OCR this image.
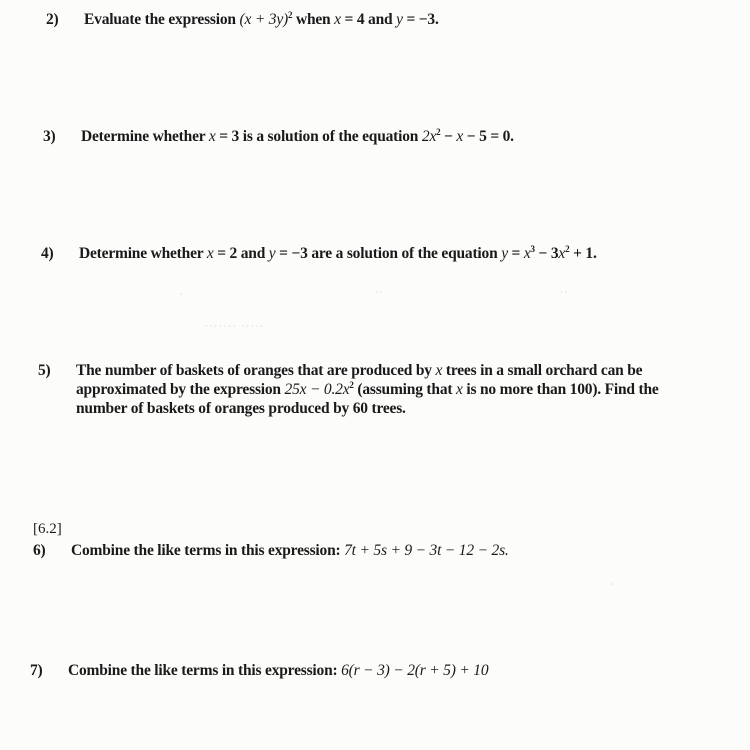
[6.2]
2) Evaluate the expression $(x + 3y)^2$ when x = 4 and y = −3.
3) Determine whether x = 3 is a solution of the equation $2x^2 - x - 5 = 0$.
4) Determine whether x = 2 and y = −3 are a solution of the equation $y = x^3 - 3x^2 + 1$.
5) The number of baskets of oranges that are produced by x trees in a small orchard can be
approximated by the expression $25x - 0.2x^2$ (assuming that x is no more than 100). Find the
number of baskets of oranges produced by 60 trees.
6) Combine the like terms in this expression: 7t + 5s + 9 − 3t − 12 − 2s.
7) Combine the like terms in this expression: 6(r − 3) − 2(r + 5) + 10
·	· ·	· ·
······· ·····
·
